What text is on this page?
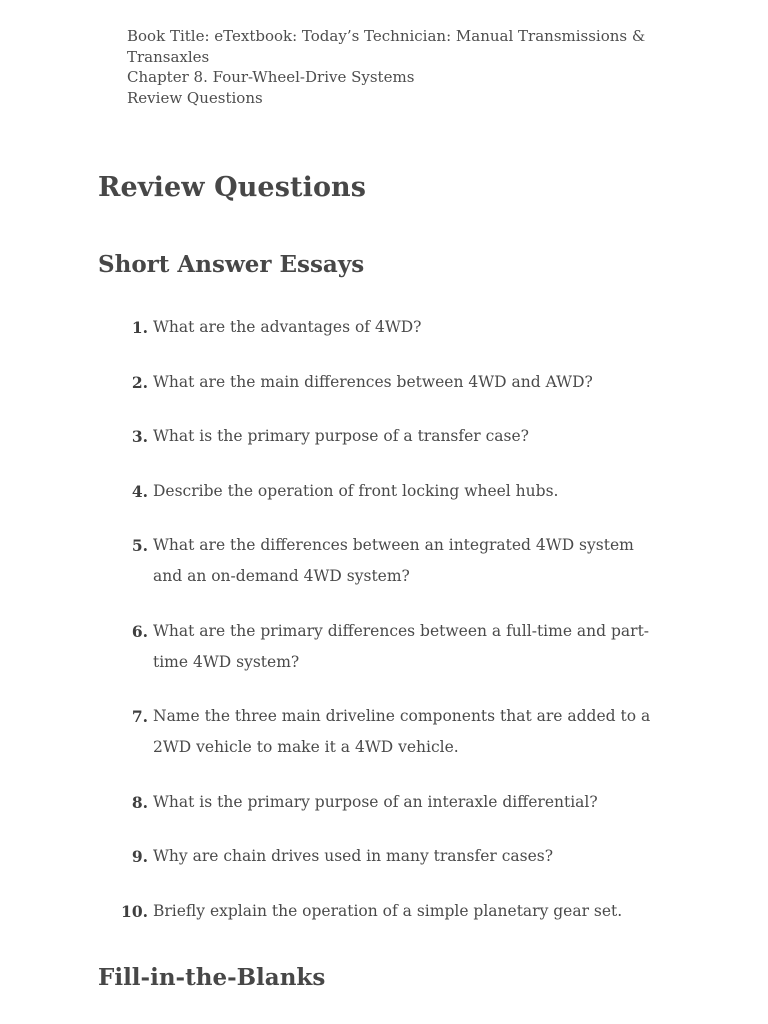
Book Title: eTextbook: Today’s Technician: Manual Transmissions & Transaxles
Chapter 8. Four-Wheel-Drive Systems
Review Questions
Review Questions
Short Answer Essays
1. What are the advantages of 4WD?
2. What are the main differences between 4WD and AWD?
3. What is the primary purpose of a transfer case?
4. Describe the operation of front locking wheel hubs.
5. What are the differences between an integrated 4WD system and an on-demand 4WD system?
6. What are the primary differences between a full-time and part-time 4WD system?
7. Name the three main driveline components that are added to a 2WD vehicle to make it a 4WD vehicle.
8. What is the primary purpose of an interaxle differential?
9. Why are chain drives used in many transfer cases?
10. Briefly explain the operation of a simple planetary gear set.
Fill-in-the-Blanks
